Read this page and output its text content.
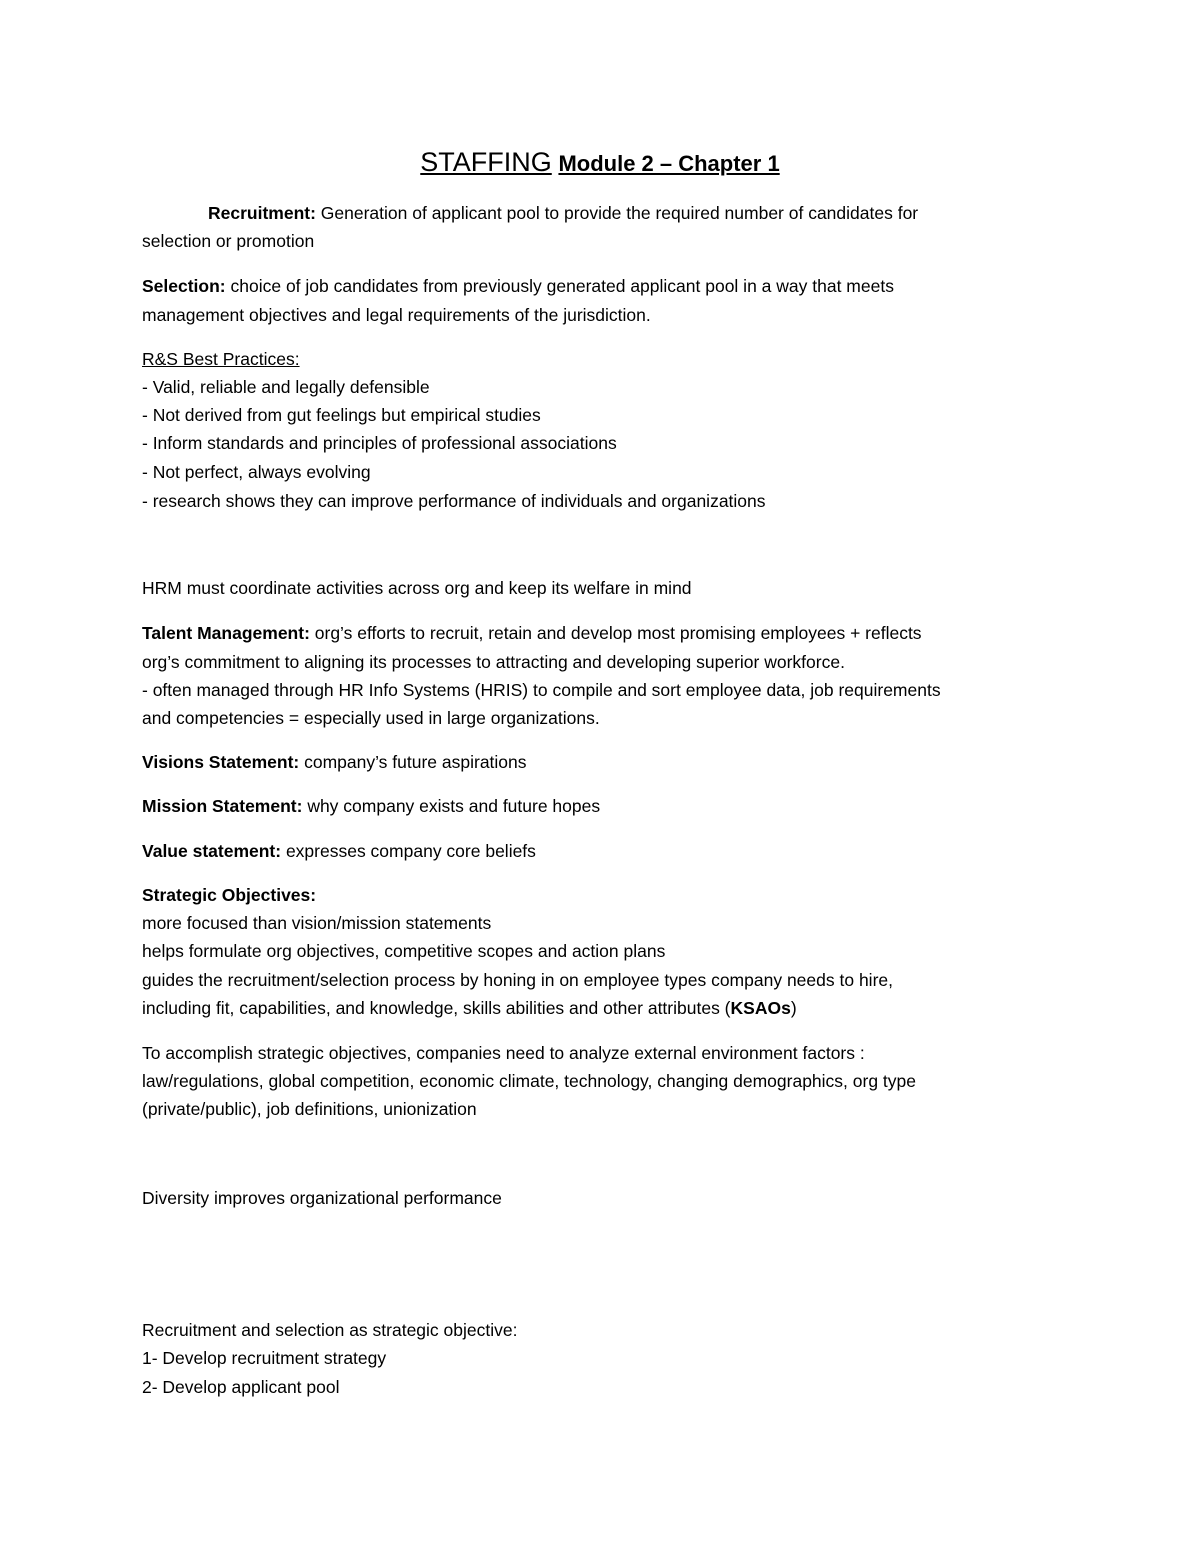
STAFFING Module 2 – Chapter 1
Recruitment: Generation of applicant pool to provide the required number of candidates for
selection or promotion
Selection: choice of job candidates from previously generated applicant pool in a way that meets
management objectives and legal requirements of the jurisdiction.
R&S Best Practices:
- Valid, reliable and legally defensible
- Not derived from gut feelings but empirical studies
- Inform standards and principles of professional associations
- Not perfect, always evolving
- research shows they can improve performance of individuals and organizations
HRM must coordinate activities across org and keep its welfare in mind
Talent Management: org’s efforts to recruit, retain and develop most promising employees + reflects
org’s commitment to aligning its processes to attracting and developing superior workforce.
- often managed through HR Info Systems (HRIS) to compile and sort employee data, job requirements
and competencies = especially used in large organizations.
Visions Statement: company’s future aspirations
Mission Statement: why company exists and future hopes
Value statement: expresses company core beliefs
Strategic Objectives:
more focused than vision/mission statements
helps formulate org objectives, competitive scopes and action plans
guides the recruitment/selection process by honing in on employee types company needs to hire,
including fit, capabilities, and knowledge, skills abilities and other attributes (KSAOs)
To accomplish strategic objectives, companies need to analyze external environment factors :
law/regulations, global competition, economic climate, technology, changing demographics, org type
(private/public), job definitions, unionization
Diversity improves organizational performance
Recruitment and selection as strategic objective:
1- Develop recruitment strategy
2- Develop applicant pool
